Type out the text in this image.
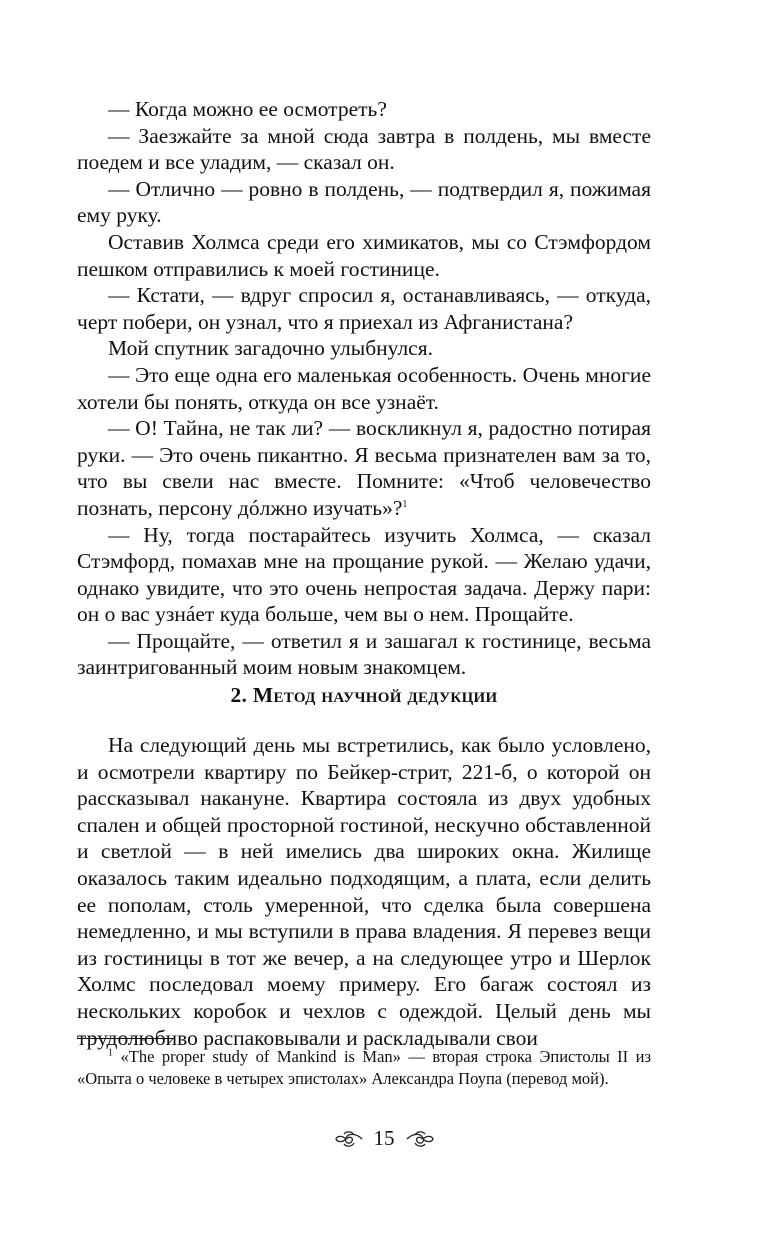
— Когда можно ее осмотреть?

— Заезжайте за мной сюда завтра в полдень, мы вместе поедем и все уладим, — сказал он.

— Отлично — ровно в полдень, — подтвердил я, пожимая ему руку.

Оставив Холмса среди его химикатов, мы со Стэмфордом пешком отправились к моей гостинице.

— Кстати, — вдруг спросил я, останавливаясь, — откуда, черт побери, он узнал, что я приехал из Афганистана?

Мой спутник загадочно улыбнулся.

— Это еще одна его маленькая особенность. Очень многие хотели бы понять, откуда он все узнаёт.

— О! Тайна, не так ли? — воскликнул я, радостно потирая руки. — Это очень пикантно. Я весьма признателен вам за то, что вы свели нас вместе. Помните: «Чтоб человечество познать, персону дóлжно изучать»?$^1$

— Ну, тогда постарайтесь изучить Холмса, — сказал Стэмфорд, помахав мне на прощание рукой. — Желаю удачи, однако увидите, что это очень непростая задача. Держу пари: он о вас узнáет куда больше, чем вы о нем. Прощайте.

— Прощайте, — ответил я и зашагал к гостинице, весьма заинтригованный моим новым знакомцем.

2. Метод научной дедукции

На следующий день мы встретились, как было условлено, и осмотрели квартиру по Бейкер-стрит, 221-б, о которой он рассказывал накануне. Квартира состояла из двух удобных спален и общей просторной гостиной, нескучно обставленной и светлой — в ней имелись два широких окна. Жилище оказалось таким идеально подходящим, а плата, если делить ее пополам, столь умеренной, что сделка была совершена немедленно, и мы вступили в права владения. Я перевез вещи из гостиницы в тот же вечер, а на следующее утро и Шерлок Холмс последовал моему примеру. Его багаж состоял из нескольких коробок и чехлов с одеждой. Целый день мы трудолюбиво распаковывали и раскладывали свои

$^1$ «The proper study of Mankind is Man» — вторая строка Эпистолы II из «Опыта о человеке в четырех эпистолах» Александра Поупа (перевод мой).

15
